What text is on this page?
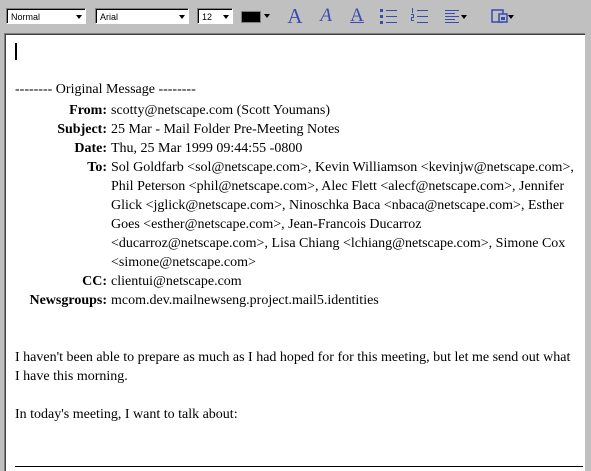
Normal	Arial	12	A A A
-------- Original Message --------
From: scotty@netscape.com (Scott Youmans)
Subject: 25 Mar - Mail Folder Pre-Meeting Notes
Date: Thu, 25 Mar 1999 09:44:55 -0800
To: Sol Goldfarb <sol@netscape.com>, Kevin Williamson <kevinjw@netscape.com>, Phil Peterson <phil@netscape.com>, Alec Flett <alecf@netscape.com>, Jennifer Glick <jglick@netscape.com>, Ninoschka Baca <nbaca@netscape.com>, Esther Goes <esther@netscape.com>, Jean-Francois Ducarroz <ducarroz@netscape.com>, Lisa Chiang <lchiang@netscape.com>, Simone Cox <simone@netscape.com>
CC: clientui@netscape.com
Newsgroups: mcom.dev.mailnewseng.project.mail5.identities

I haven't been able to prepare as much as I had hoped for for this meeting, but let me send out what I have this morning.

In today's meeting, I want to talk about:
